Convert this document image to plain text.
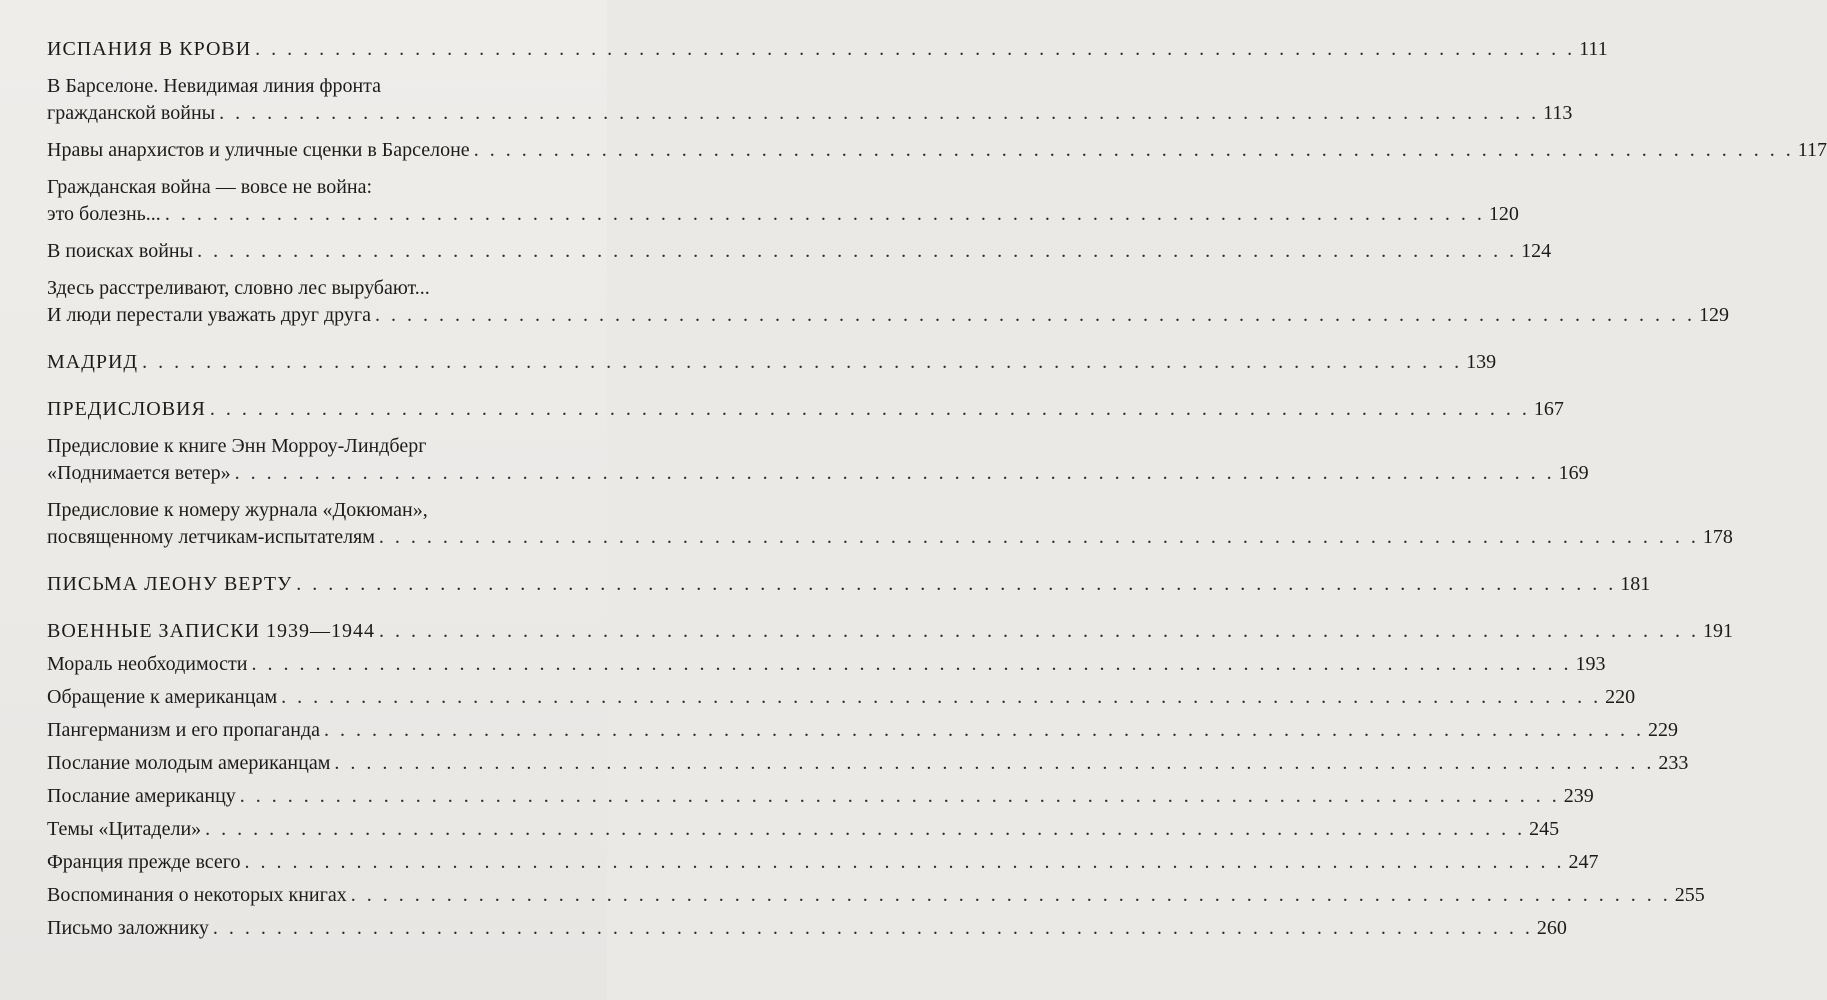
ИСПАНИЯ В КРОВИ . . . . . . . . . . . . . . . . . . . . . . . . . . . . . . . . . . . . . . . . . . . . . . . . . . . . . . . . . . . . . . . . . . . . . . . . . . . . . . . . . . . 111
В Барселоне. Невидимая линия фронта
гражданской войны . . . . . . . . . . . . . . . . . . . . . . . . . . . . . . . . . . . . . . . . . . . . . . . . . . . . . . . . . . . . . . . . . . . . . . . . . . . . . . . . . . . 113
Нравы анархистов и уличные сценки в Барселоне . . . . . . . . . . . . . . . . . . . . . . . . . . . . . . . . . . . . . . . . . . . . . . . . . . . . . . . . . . . . . . . . . . . . . . . . . . . . . . . . . . . 117
Гражданская война — вовсе не война:
это болезнь... . . . . . . . . . . . . . . . . . . . . . . . . . . . . . . . . . . . . . . . . . . . . . . . . . . . . . . . . . . . . . . . . . . . . . . . . . . . . . . . . . . . 120
В поисках войны . . . . . . . . . . . . . . . . . . . . . . . . . . . . . . . . . . . . . . . . . . . . . . . . . . . . . . . . . . . . . . . . . . . . . . . . . . . . . . . . . . . 124
Здесь расстреливают, словно лес вырубают...
И люди перестали уважать друг друга . . . . . . . . . . . . . . . . . . . . . . . . . . . . . . . . . . . . . . . . . . . . . . . . . . . . . . . . . . . . . . . . . . . . . . . . . . . . . . . . . . . 129
МАДРИД . . . . . . . . . . . . . . . . . . . . . . . . . . . . . . . . . . . . . . . . . . . . . . . . . . . . . . . . . . . . . . . . . . . . . . . . . . . . . . . . . . . 139
ПРЕДИСЛОВИЯ . . . . . . . . . . . . . . . . . . . . . . . . . . . . . . . . . . . . . . . . . . . . . . . . . . . . . . . . . . . . . . . . . . . . . . . . . . . . . . . . . . . 167
Предисловие к книге Энн Морроу-Линдберг
«Поднимается ветер» . . . . . . . . . . . . . . . . . . . . . . . . . . . . . . . . . . . . . . . . . . . . . . . . . . . . . . . . . . . . . . . . . . . . . . . . . . . . . . . . . . . 169
Предисловие к номеру журнала «Докюман»,
посвященному летчикам-испытателям . . . . . . . . . . . . . . . . . . . . . . . . . . . . . . . . . . . . . . . . . . . . . . . . . . . . . . . . . . . . . . . . . . . . . . . . . . . . . . . . . . . 178
ПИСЬМА ЛЕОНУ ВЕРТУ . . . . . . . . . . . . . . . . . . . . . . . . . . . . . . . . . . . . . . . . . . . . . . . . . . . . . . . . . . . . . . . . . . . . . . . . . . . . . . . . . . . 181
ВОЕННЫЕ ЗАПИСКИ 1939—1944 . . . . . . . . . . . . . . . . . . . . . . . . . . . . . . . . . . . . . . . . . . . . . . . . . . . . . . . . . . . . . . . . . . . . . . . . . . . . . . . . . . . 191
Мораль необходимости . . . . . . . . . . . . . . . . . . . . . . . . . . . . . . . . . . . . . . . . . . . . . . . . . . . . . . . . . . . . . . . . . . . . . . . . . . . . . . . . . . . 193
Обращение к американцам . . . . . . . . . . . . . . . . . . . . . . . . . . . . . . . . . . . . . . . . . . . . . . . . . . . . . . . . . . . . . . . . . . . . . . . . . . . . . . . . . . . 220
Пангерманизм и его пропаганда . . . . . . . . . . . . . . . . . . . . . . . . . . . . . . . . . . . . . . . . . . . . . . . . . . . . . . . . . . . . . . . . . . . . . . . . . . . . . . . . . . . 229
Послание молодым американцам . . . . . . . . . . . . . . . . . . . . . . . . . . . . . . . . . . . . . . . . . . . . . . . . . . . . . . . . . . . . . . . . . . . . . . . . . . . . . . . . . . . 233
Послание американцу . . . . . . . . . . . . . . . . . . . . . . . . . . . . . . . . . . . . . . . . . . . . . . . . . . . . . . . . . . . . . . . . . . . . . . . . . . . . . . . . . . . 239
Темы «Цитадели» . . . . . . . . . . . . . . . . . . . . . . . . . . . . . . . . . . . . . . . . . . . . . . . . . . . . . . . . . . . . . . . . . . . . . . . . . . . . . . . . . . . 245
Франция прежде всего . . . . . . . . . . . . . . . . . . . . . . . . . . . . . . . . . . . . . . . . . . . . . . . . . . . . . . . . . . . . . . . . . . . . . . . . . . . . . . . . . . . 247
Воспоминания о некоторых книгах . . . . . . . . . . . . . . . . . . . . . . . . . . . . . . . . . . . . . . . . . . . . . . . . . . . . . . . . . . . . . . . . . . . . . . . . . . . . . . . . . . . 255
Письмо заложнику . . . . . . . . . . . . . . . . . . . . . . . . . . . . . . . . . . . . . . . . . . . . . . . . . . . . . . . . . . . . . . . . . . . . . . . . . . . . . . . . . . . 260
